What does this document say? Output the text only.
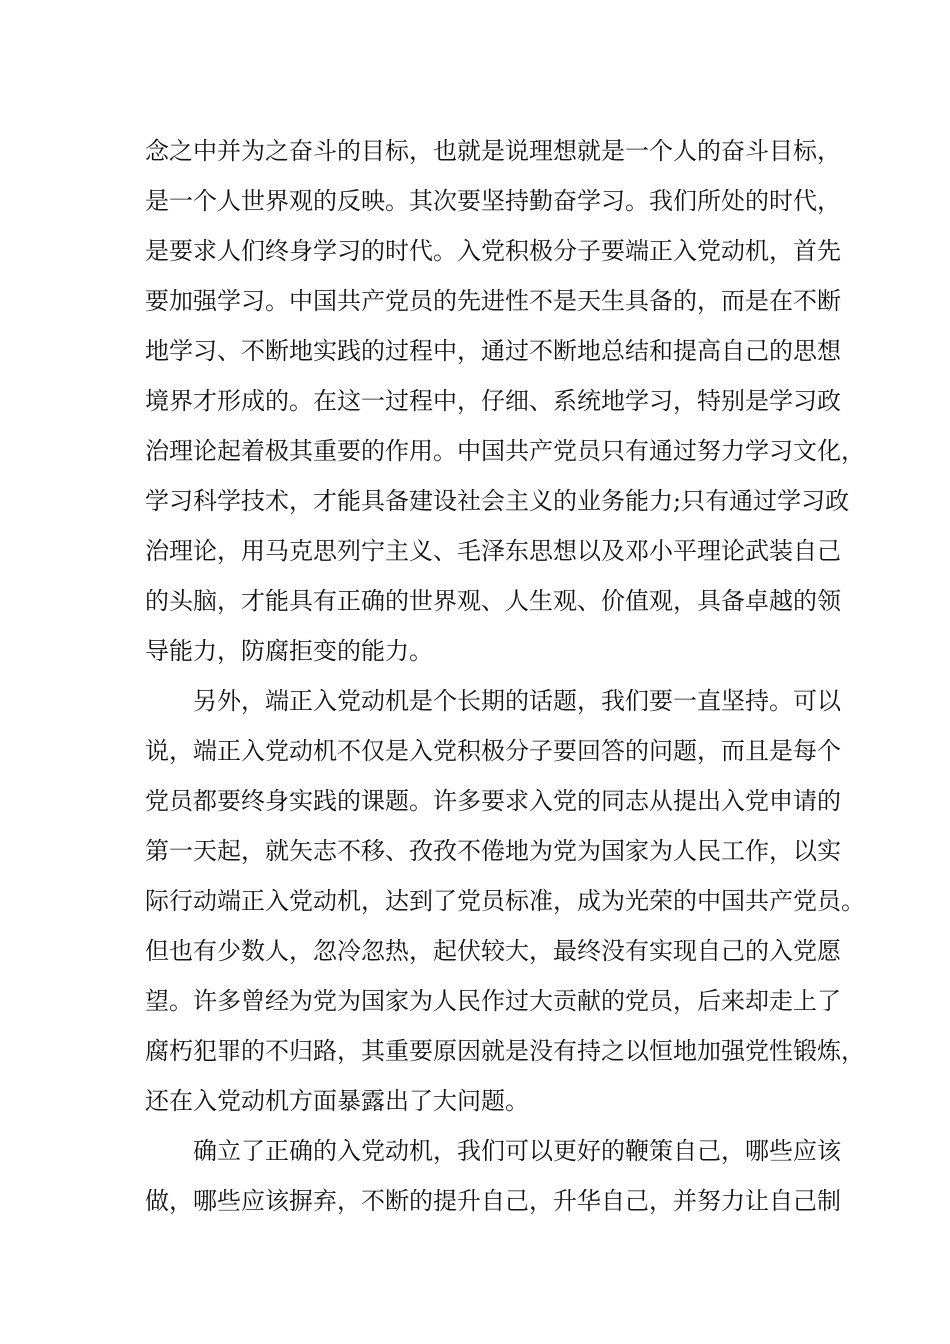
念之中并为之奋斗的目标，也就是说理想就是一个人的奋斗目标，
是一个人世界观的反映。其次要坚持勤奋学习。我们所处的时代，
是要求人们终身学习的时代。入党积极分子要端正入党动机，首先
要加强学习。中国共产党员的先进性不是天生具备的，而是在不断
地学习、不断地实践的过程中，通过不断地总结和提高自己的思想
境界才形成的。在这一过程中，仔细、系统地学习，特别是学习政
治理论起着极其重要的作用。中国共产党员只有通过努力学习文化，
学习科学技术，才能具备建设社会主义的业务能力;只有通过学习政
治理论，用马克思列宁主义、毛泽东思想以及邓小平理论武装自己
的头脑，才能具有正确的世界观、人生观、价值观，具备卓越的领
导能力，防腐拒变的能力。
另外，端正入党动机是个长期的话题，我们要一直坚持。可以
说，端正入党动机不仅是入党积极分子要回答的问题，而且是每个
党员都要终身实践的课题。许多要求入党的同志从提出入党申请的
第一天起，就矢志不移、孜孜不倦地为党为国家为人民工作，以实
际行动端正入党动机，达到了党员标准，成为光荣的中国共产党员。
但也有少数人，忽冷忽热，起伏较大，最终没有实现自己的入党愿
望。许多曾经为党为国家为人民作过大贡献的党员，后来却走上了
腐朽犯罪的不归路，其重要原因就是没有持之以恒地加强党性锻炼，
还在入党动机方面暴露出了大问题。
确立了正确的入党动机，我们可以更好的鞭策自己，哪些应该
做，哪些应该摒弃，不断的提升自己，升华自己，并努力让自己制
